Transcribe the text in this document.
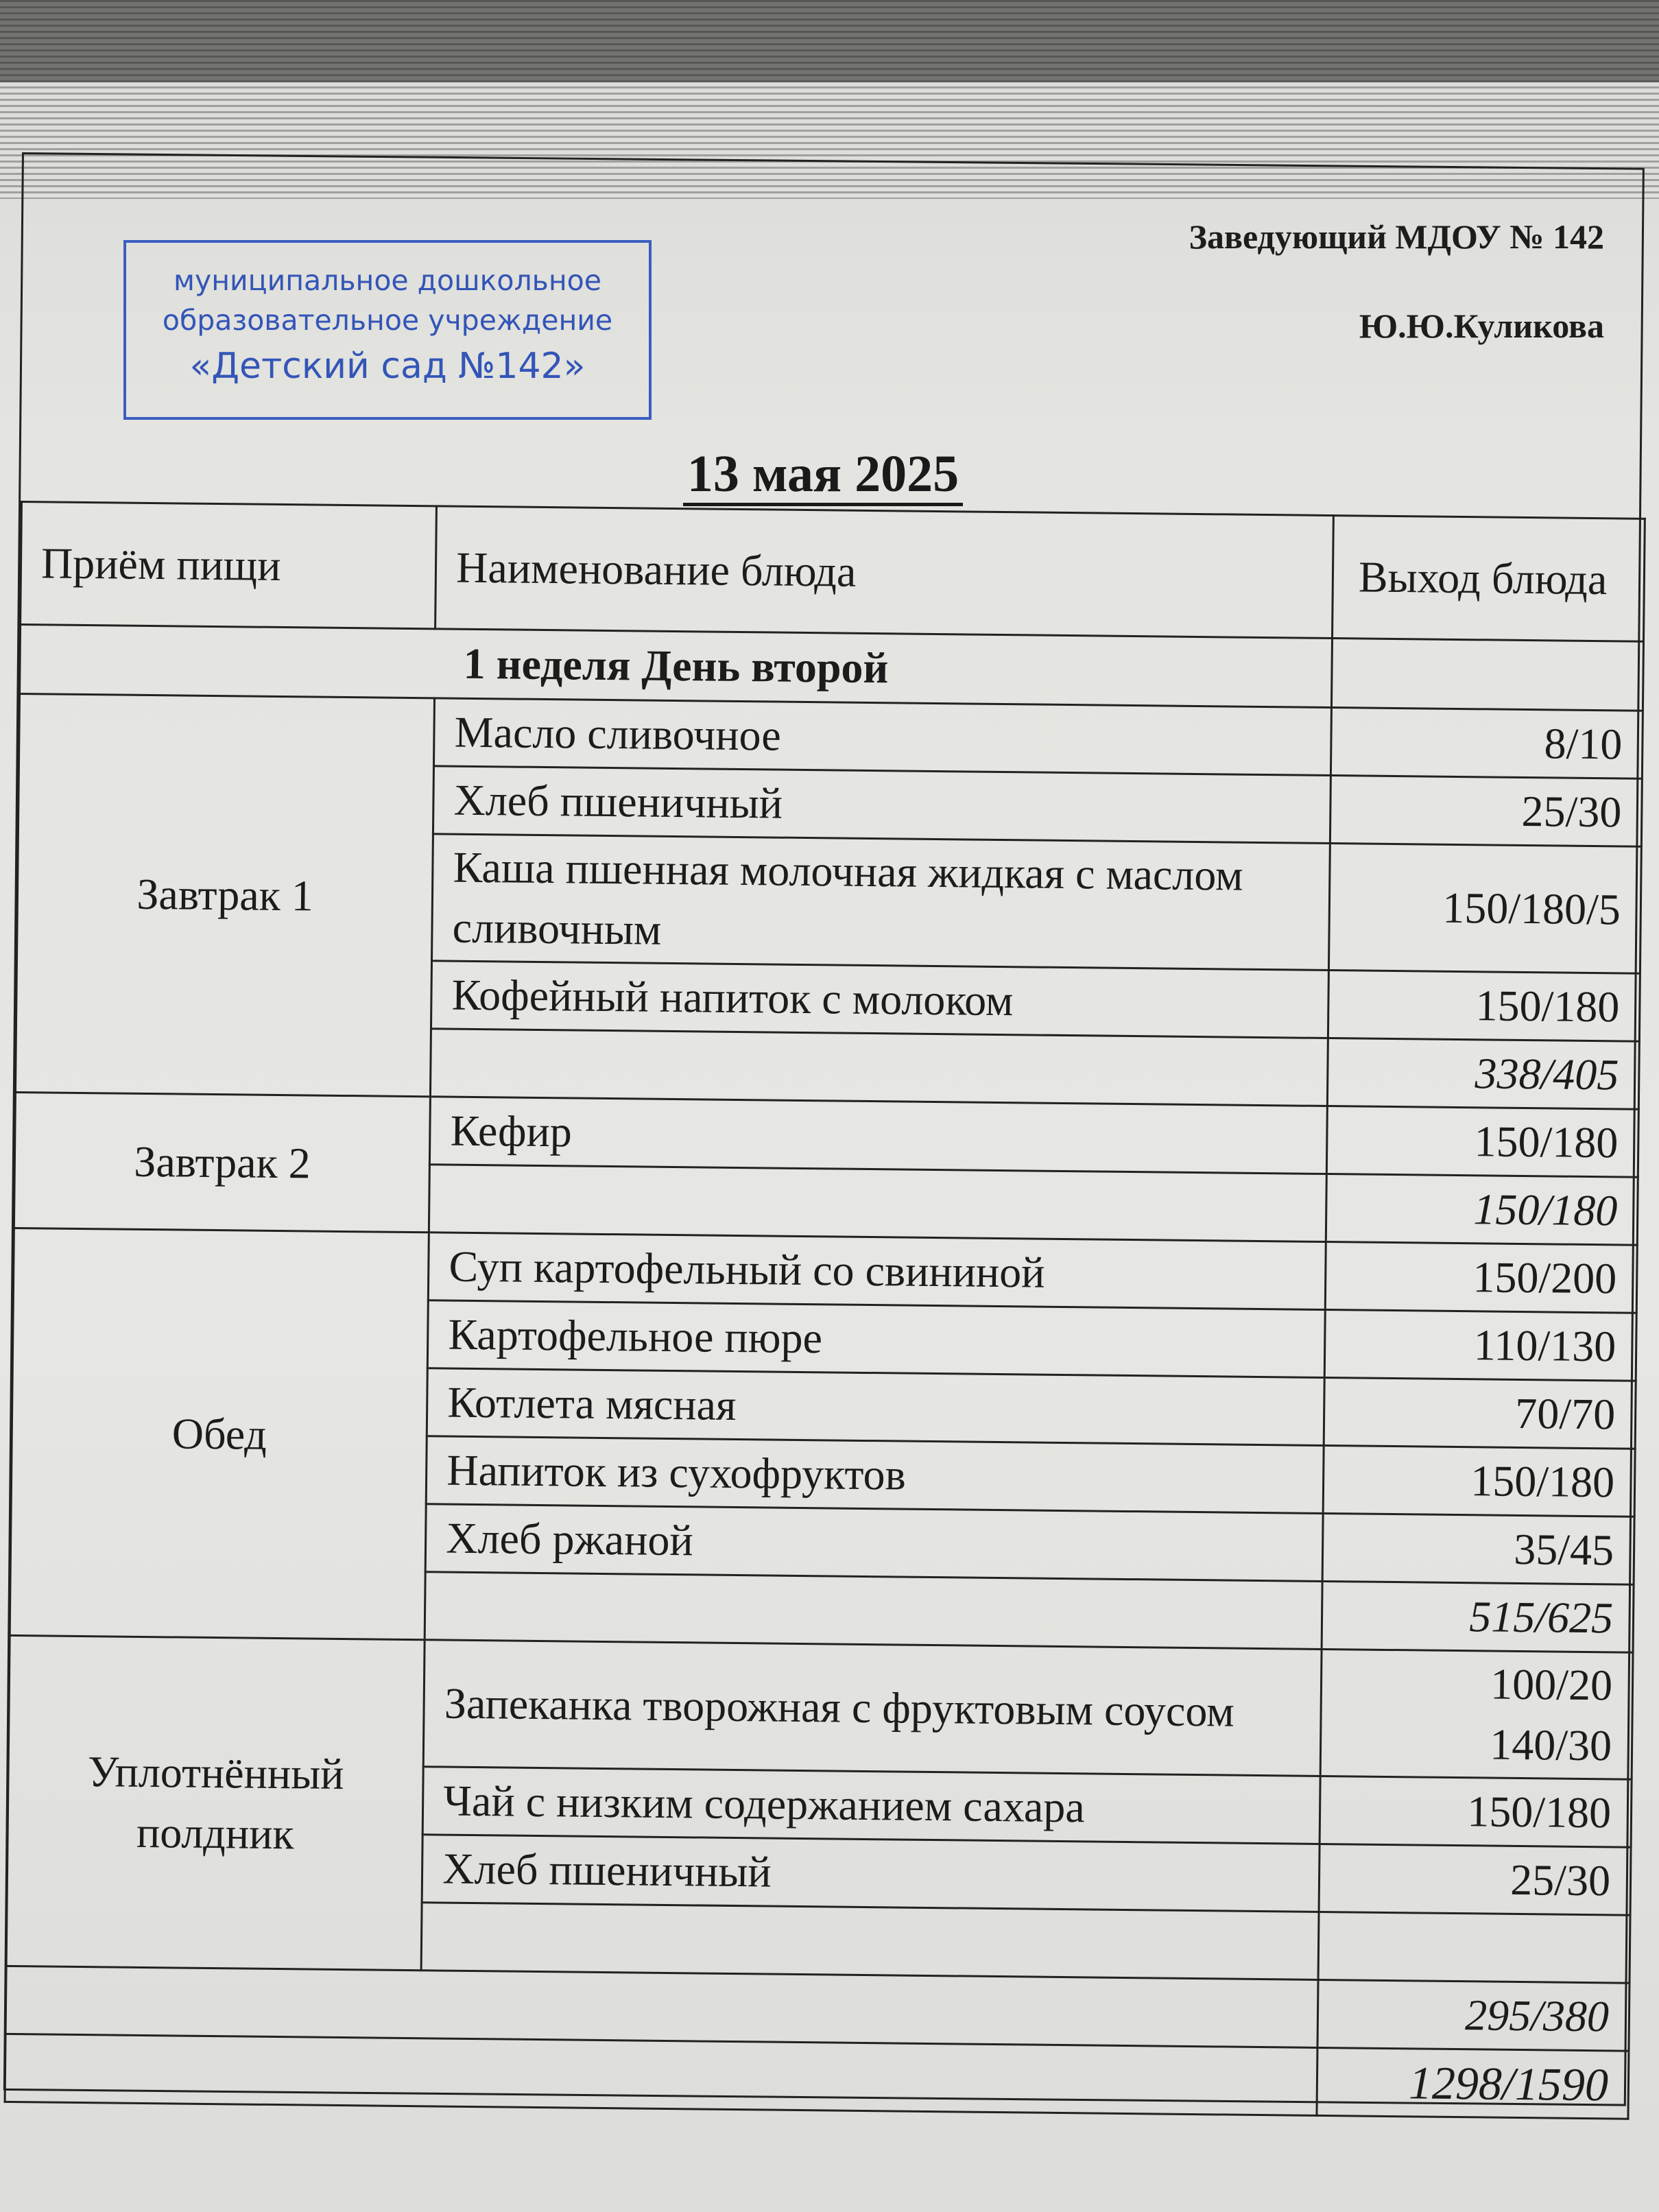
Заведующий МДОУ № 142
Ю.Ю.Куликова
муниципальное дошкольное
образовательное учреждение
«Детский сад №142»
13 мая 2025
Приём пищи	Наименование блюда	Выход блюда
1 неделя День второй		
Завтрак 1	Масло сливочное	8/10
	Хлеб пшеничный	25/30
	Каша пшенная молочная жидкая с маслом сливочным	150/180/5
	Кофейный напиток с молоком	150/180
		338/405
Завтрак 2	Кефир	150/180
		150/180
Обед	Суп картофельный со свининой	150/200
	Картофельное пюре	110/130
	Котлета мясная	70/70
	Напиток из сухофруктов	150/180
	Хлеб ржаной	35/45
		515/625
Уплотнённый полдник	Запеканка творожная с фруктовым соусом	100/20
140/30

	Чай с низким содержанием сахара	150/180
	Хлеб пшеничный	25/30

		295/380
		1298/1590
